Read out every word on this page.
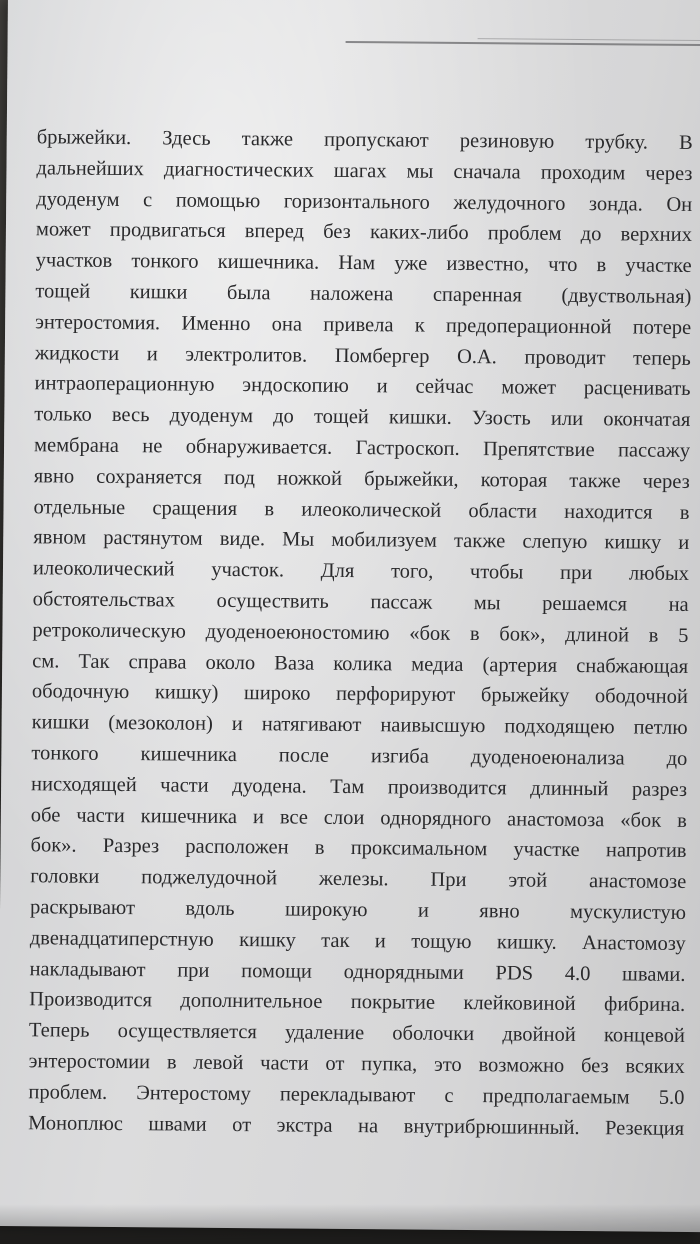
брыжейки. Здесь также пропускают резиновую трубку. В
дальнейших диагностических шагах мы сначала проходим через
дуоденум с помощью горизонтального желудочного зонда. Он
может продвигаться вперед без каких-либо проблем до верхних
участков тонкого кишечника. Нам уже известно, что в участке
тощей кишки была наложена спаренная (двуствольная)
энтеростомия. Именно она привела к предоперационной потере
жидкости и электролитов. Помбергер О.А. проводит теперь
интраоперационную эндоскопию и сейчас может расценивать
только весь дуоденум до тощей кишки. Узость или окончатая
мембрана не обнаруживается. Гастроскоп. Препятствие пассажу
явно сохраняется под ножкой брыжейки, которая также через
отдельные сращения в илеоколической области находится в
явном растянутом виде. Мы мобилизуем также слепую кишку и
илеоколический участок. Для того, чтобы при любых
обстоятельствах осуществить пассаж мы решаемся на
ретроколическую дуоденоеюностомию «бок в бок», длиной в 5
см. Так справа около Ваза колика медиа (артерия снабжающая
ободочную кишку) широко перфорируют брыжейку ободочной
кишки (мезоколон) и натягивают наивысшую подходящею петлю
тонкого кишечника после изгиба дуоденоеюнализа до
нисходящей части дуодена. Там производится длинный разрез
обе части кишечника и все слои однорядного анастомоза «бок в
бок». Разрез расположен в проксимальном участке напротив
головки поджелудочной железы. При этой анастомозе
раскрывают вдоль широкую и явно мускулистую
двенадцатиперстную кишку так и тощую кишку. Анастомозу
накладывают при помощи однорядными PDS 4.0 швами.
Производится дополнительное покрытие клейковиной фибрина.
Теперь осуществляется удаление оболочки двойной концевой
энтеростомии в левой части от пупка, это возможно без всяких
проблем. Энтеростому перекладывают с предполагаемым 5.0
Моноплюс швами от экстра на внутрибрюшинный. Резекция
